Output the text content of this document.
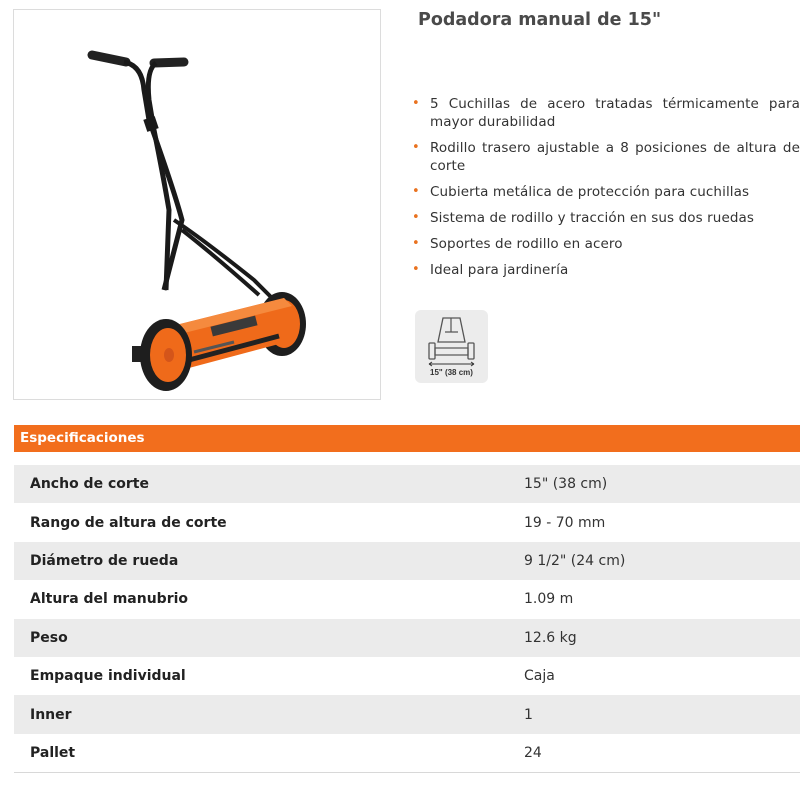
Podadora manual de 15"
• 5 Cuchillas de acero tratadas térmicamente para mayor durabilidad
• Rodillo trasero ajustable a 8 posiciones de altura de corte
• Cubierta metálica de protección para cuchillas
• Sistema de rodillo y tracción en sus dos ruedas
• Soportes de rodillo en acero
• Ideal para jardinería
15" (38 cm)
Especificaciones
Ancho de corte	15" (38 cm)
Rango de altura de corte	19 - 70 mm
Diámetro de rueda	9 1/2" (24 cm)
Altura del manubrio	1.09 m
Peso	12.6 kg
Empaque individual	Caja
Inner	1
Pallet	24
